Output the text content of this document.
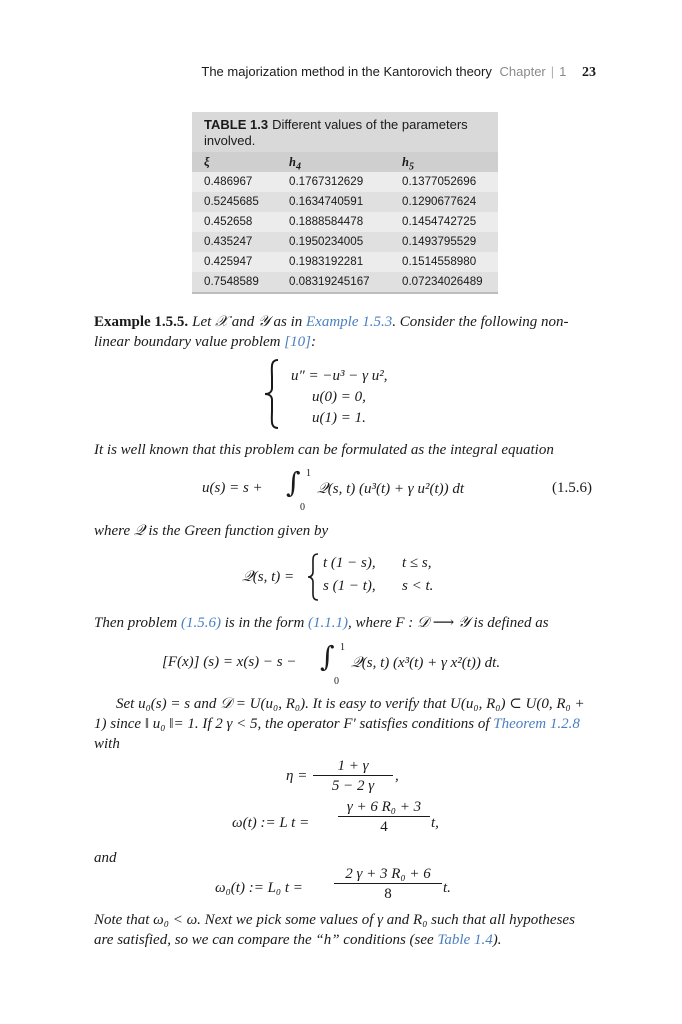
The majorization method in the Kantorovich theory Chapter | 1 23
TABLE 1.3 Different values of the parameters involved.
ξ	$h_4$	$h_5$
0.486967	0.1767312629	0.1377052696
0.5245685	0.1634740591	0.1290677624
0.452658	0.1888584478	0.1454742725
0.435247	0.1950234005	0.1493795529
0.425947	0.1983192281	0.1514558980
0.7548589	0.08319245167	0.07234026489
Example 1.5.5. Let 𝒳 and 𝒴 as in Example 1.5.3. Consider the following non-linear boundary value problem [10]:
u″ = −u³ − γ u²,
u(0) = 0,
u(1) = 1.
It is well known that this problem can be formulated as the integral equation
u(s) = s + ∫ 1
0
𝒬(s, t) (u³(t) + γ u²(t)) dt	(1.5.6)
where 𝒬 is the Green function given by
𝒬(s, t) =
t (1 − s), t ≤ s,
s (1 − t), s < t.
Then problem (1.5.6) is in the form (1.1.1), where F : 𝒟 ⟶ 𝒴 is defined as
[F(x)] (s) = x(s) − s − ∫ 1
0
𝒬(s, t) (x³(t) + γ x²(t)) dt.
Set u₀(s) = s and 𝒟 = U(u₀, R₀). It is easy to verify that U(u₀, R₀) ⊂ U(0, R₀ + 1) since ‖ u₀ ‖= 1. If 2 γ < 5, the operator F′ satisfies conditions of Theorem 1.2.8 with
η =
1 + γ
5 − 2 γ
,
ω(t) := L t =
γ + 6 R₀ + 3
4	t,
and
ω₀(t) := L₀ t =
2 γ + 3 R₀ + 6
8	t.
Note that ω₀ < ω. Next we pick some values of γ and R₀ such that all hypotheses are satisfied, so we can compare the “h” conditions (see Table 1.4).
